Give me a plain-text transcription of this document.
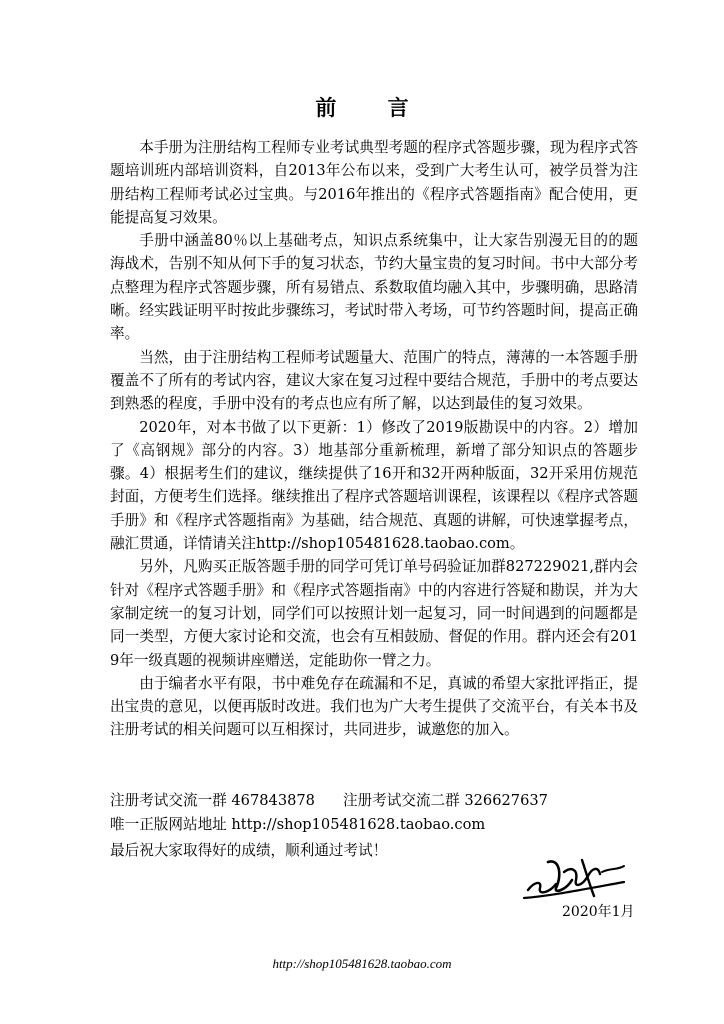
前 言

本手册为注册结构工程师专业考试典型考题的程序式答题步骤，现为程序式答题培训班内部培训资料，自2013年公布以来，受到广大考生认可，被学员誉为注册结构工程师考试必过宝典。与2016年推出的《程序式答题指南》配合使用，更能提高复习效果。

手册中涵盖80％以上基础考点，知识点系统集中，让大家告别漫无目的的题海战术，告别不知从何下手的复习状态，节约大量宝贵的复习时间。书中大部分考点整理为程序式答题步骤，所有易错点、系数取值均融入其中，步骤明确，思路清晰。经实践证明平时按此步骤练习，考试时带入考场，可节约答题时间，提高正确率。

当然，由于注册结构工程师考试题量大、范围广的特点，薄薄的一本答题手册覆盖不了所有的考试内容，建议大家在复习过程中要结合规范，手册中的考点要达到熟悉的程度，手册中没有的考点也应有所了解，以达到最佳的复习效果。

2020年，对本书做了以下更新：1）修改了2019版勘误中的内容。2）增加了《高钢规》部分的内容。3）地基部分重新梳理，新增了部分知识点的答题步骤。4）根据考生们的建议，继续提供了16开和32开两种版面，32开采用仿规范封面，方便考生们选择。继续推出了程序式答题培训课程，该课程以《程序式答题手册》和《程序式答题指南》为基础，结合规范、真题的讲解，可快速掌握考点，融汇贯通，详情请关注http://shop105481628.taobao.com。

另外，凡购买正版答题手册的同学可凭订单号码验证加群827229021,群内会针对《程序式答题手册》和《程序式答题指南》中的内容进行答疑和勘误，并为大家制定统一的复习计划，同学们可以按照计划一起复习，同一时间遇到的问题都是同一类型，方便大家讨论和交流，也会有互相鼓励、督促的作用。群内还会有2019年一级真题的视频讲座赠送，定能助你一臂之力。

由于编者水平有限，书中难免存在疏漏和不足，真诚的希望大家批评指正，提出宝贵的意见，以便再版时改进。我们也为广大考生提供了交流平台，有关本书及注册考试的相关问题可以互相探讨，共同进步，诚邀您的加入。

注册考试交流一群 467843878 注册考试交流二群 326627637
唯一正版网站地址 http://shop105481628.taobao.com
最后祝大家取得好的成绩，顺利通过考试！
2020年1月
http://shop105481628.taobao.com
